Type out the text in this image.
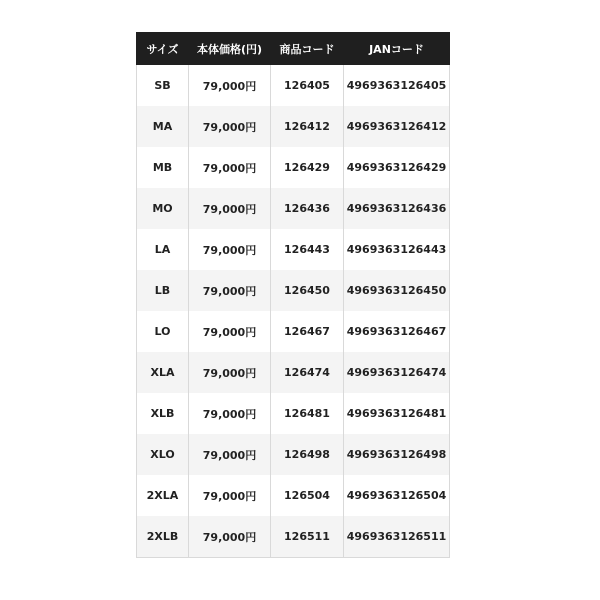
サイズ	本体価格(円)	商品コード	JANコード
SB	79,000円	126405	4969363126405
MA	79,000円	126412	4969363126412
MB	79,000円	126429	4969363126429
MO	79,000円	126436	4969363126436
LA	79,000円	126443	4969363126443
LB	79,000円	126450	4969363126450
LO	79,000円	126467	4969363126467
XLA	79,000円	126474	4969363126474
XLB	79,000円	126481	4969363126481
XLO	79,000円	126498	4969363126498
2XLA	79,000円	126504	4969363126504
2XLB	79,000円	126511	4969363126511
